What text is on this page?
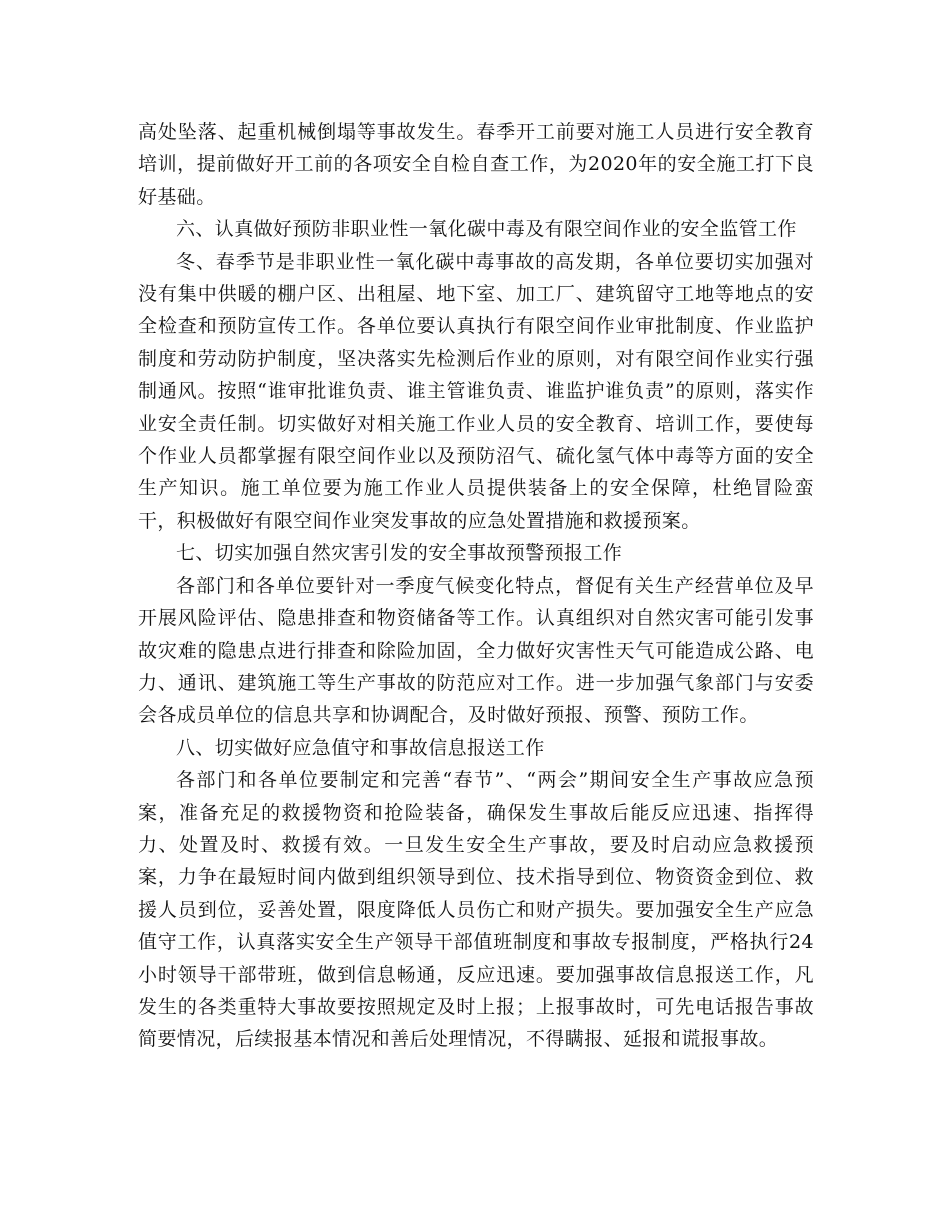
高处坠落、起重机械倒塌等事故发生。春季开工前要对施工人员进行安全教育培训，提前做好开工前的各项安全自检自查工作，为2020年的安全施工打下良好基础。

六、认真做好预防非职业性一氧化碳中毒及有限空间作业的安全监管工作

冬、春季节是非职业性一氧化碳中毒事故的高发期，各单位要切实加强对没有集中供暖的棚户区、出租屋、地下室、加工厂、建筑留守工地等地点的安全检查和预防宣传工作。各单位要认真执行有限空间作业审批制度、作业监护制度和劳动防护制度，坚决落实先检测后作业的原则，对有限空间作业实行强制通风。按照“谁审批谁负责、谁主管谁负责、谁监护谁负责”的原则，落实作业安全责任制。切实做好对相关施工作业人员的安全教育、培训工作，要使每个作业人员都掌握有限空间作业以及预防沼气、硫化氢气体中毒等方面的安全生产知识。施工单位要为施工作业人员提供装备上的安全保障，杜绝冒险蛮干，积极做好有限空间作业突发事故的应急处置措施和救援预案。

七、切实加强自然灾害引发的安全事故预警预报工作

各部门和各单位要针对一季度气候变化特点，督促有关生产经营单位及早开展风险评估、隐患排查和物资储备等工作。认真组织对自然灾害可能引发事故灾难的隐患点进行排查和除险加固，全力做好灾害性天气可能造成公路、电力、通讯、建筑施工等生产事故的防范应对工作。进一步加强气象部门与安委会各成员单位的信息共享和协调配合，及时做好预报、预警、预防工作。

八、切实做好应急值守和事故信息报送工作

各部门和各单位要制定和完善“春节”、“两会”期间安全生产事故应急预案，准备充足的救援物资和抢险装备，确保发生事故后能反应迅速、指挥得力、处置及时、救援有效。一旦发生安全生产事故，要及时启动应急救援预案，力争在最短时间内做到组织领导到位、技术指导到位、物资资金到位、救援人员到位，妥善处置，限度降低人员伤亡和财产损失。要加强安全生产应急值守工作，认真落实安全生产领导干部值班制度和事故专报制度，严格执行24小时领导干部带班，做到信息畅通，反应迅速。要加强事故信息报送工作，凡发生的各类重特大事故要按照规定及时上报；上报事故时，可先电话报告事故简要情况，后续报基本情况和善后处理情况，不得瞒报、延报和谎报事故。
